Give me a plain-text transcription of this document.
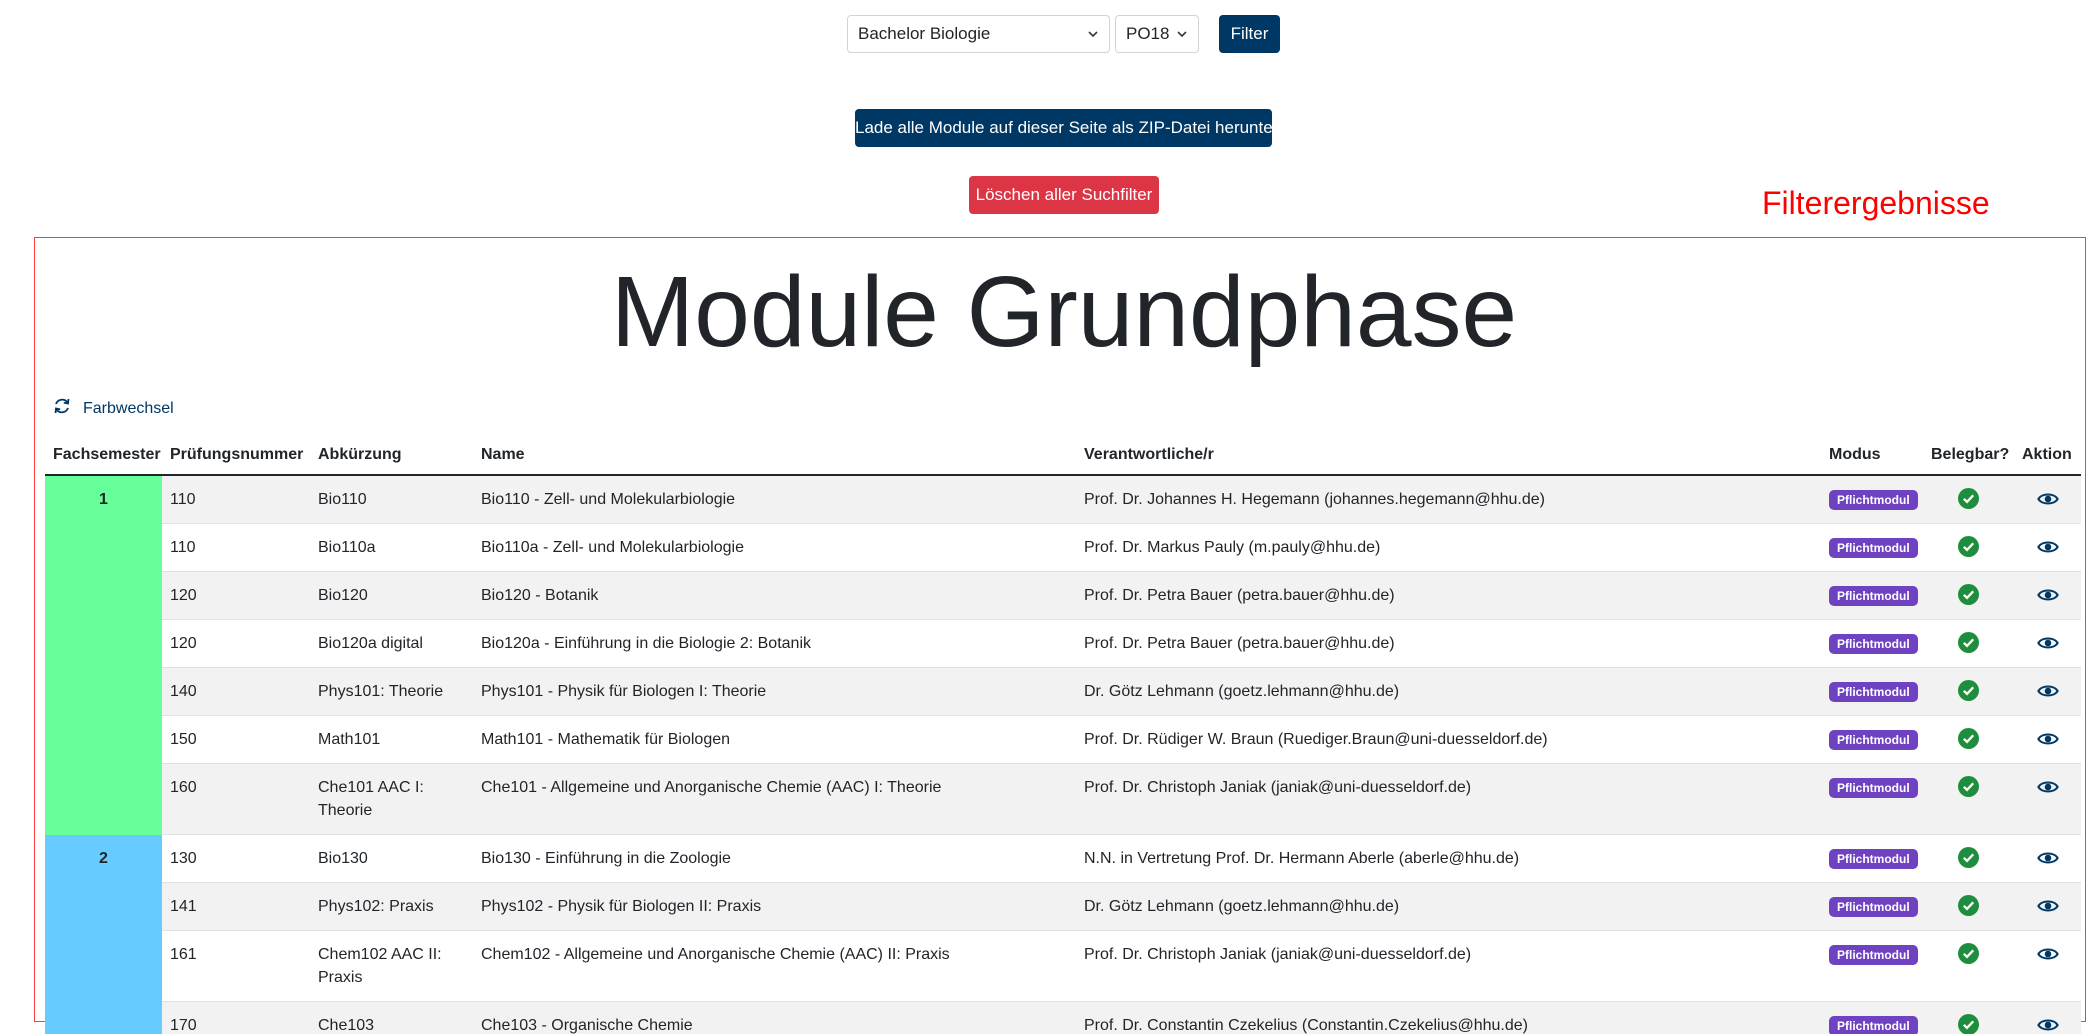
Bachelor Biologie	PO18	Filter
Lade alle Module auf dieser Seite als ZIP-Datei herunter
Löschen aller Suchfilter	Filterergebnisse
Module Grundphase
Farbwechsel
Fachsemester	Prüfungsnummer	Abkürzung	Name	Verantwortliche/r	Modus	Belegbar?	Aktion
1	110	Bio110	Bio110 - Zell- und Molekularbiologie	Prof. Dr. Johannes H. Hegemann (johannes.hegemann@hhu.de)	Pflichtmodul		
	110	Bio110a	Bio110a - Zell- und Molekularbiologie	Prof. Dr. Markus Pauly (m.pauly@hhu.de)	Pflichtmodul		
	120	Bio120	Bio120 - Botanik	Prof. Dr. Petra Bauer (petra.bauer@hhu.de)	Pflichtmodul		
	120	Bio120a digital	Bio120a - Einführung in die Biologie 2: Botanik	Prof. Dr. Petra Bauer (petra.bauer@hhu.de)	Pflichtmodul		
	140	Phys101: Theorie	Phys101 - Physik für Biologen I: Theorie	Dr. Götz Lehmann (goetz.lehmann@hhu.de)	Pflichtmodul		
	150	Math101	Math101 - Mathematik für Biologen	Prof. Dr. Rüdiger W. Braun (Ruediger.Braun@uni-duesseldorf.de)	Pflichtmodul		
	160	Che101 AAC I: Theorie	Che101 - Allgemeine und Anorganische Chemie (AAC) I: Theorie	Prof. Dr. Christoph Janiak (janiak@uni-duesseldorf.de)	Pflichtmodul		
2	130	Bio130	Bio130 - Einführung in die Zoologie	N.N. in Vertretung Prof. Dr. Hermann Aberle (aberle@hhu.de)	Pflichtmodul		
	141	Phys102: Praxis	Phys102 - Physik für Biologen II: Praxis	Dr. Götz Lehmann (goetz.lehmann@hhu.de)	Pflichtmodul		
	161	Chem102 AAC II: Praxis	Chem102 - Allgemeine und Anorganische Chemie (AAC) II: Praxis	Prof. Dr. Christoph Janiak (janiak@uni-duesseldorf.de)	Pflichtmodul		
	170	Che103	Che103 - Organische Chemie	Prof. Dr. Constantin Czekelius (Constantin.Czekelius@hhu.de)	Pflichtmodul		
